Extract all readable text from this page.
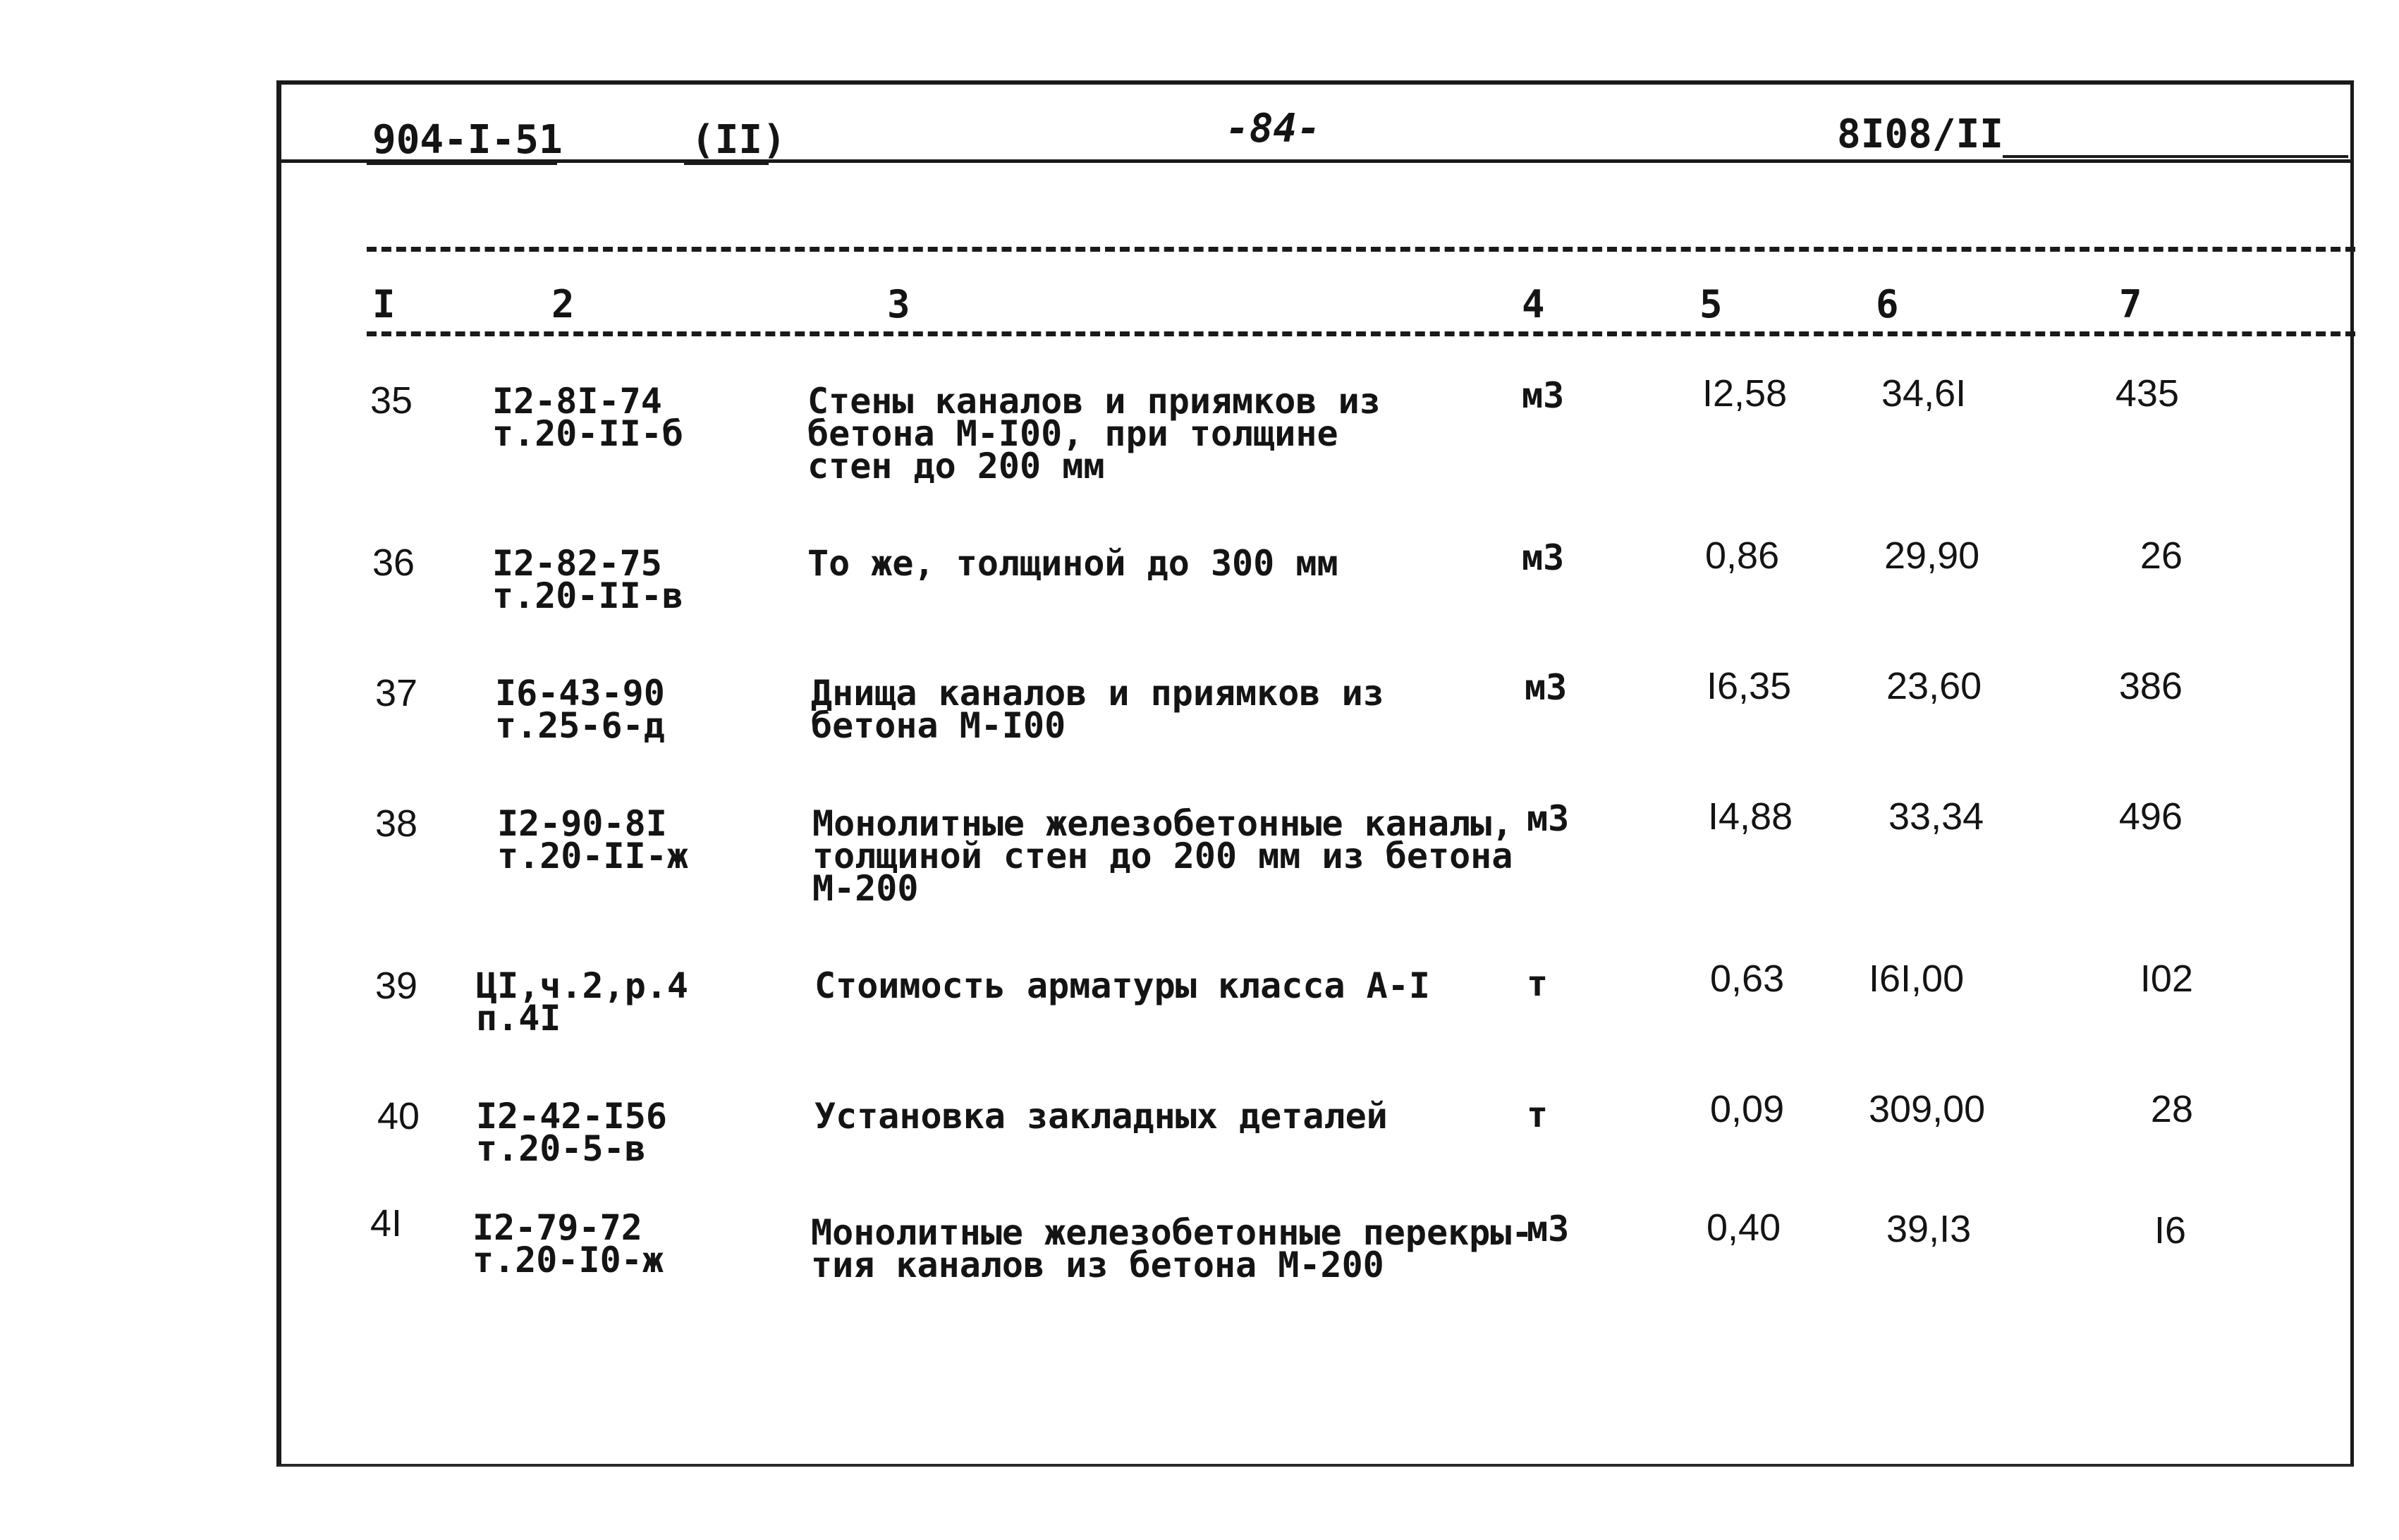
904-I-51	(II)	-84-	8I08/II
I	2	3	4	5	6	7
35 I2-8I-74
т.20-II-б
Стены каналов и приямков из
бетона М-I00, при толщине
стен до 200 мм
м3	I2,58 34,6I	435
36 I2-82-75
т.20-II-в
То же, толщиной до 300 мм	м3	0,86	29,90	26
37 I6-43-90
т.25-6-д
Днища каналов и приямков из
бетона М-I00
м3	I6,35 23,60	386
38 I2-90-8I
т.20-II-ж
Монолитные железобетонные каналы,
толщиной стен до 200 мм из бетона
М-200
м3	I4,88	33,34	496
39 ЦI,ч.2,р.4
п.4I
Стоимость арматуры класса А-I	т	0,63 I6I,00	I02
40 I2-42-I56
т.20-5-в
Установка закладных деталей	т	0,09 309,00	28
4I I2-79-72
т.20-I0-ж
Монолитные железобетонные перекры-
тия каналов из бетона М-200
м3	0,40	39,I3	I6
